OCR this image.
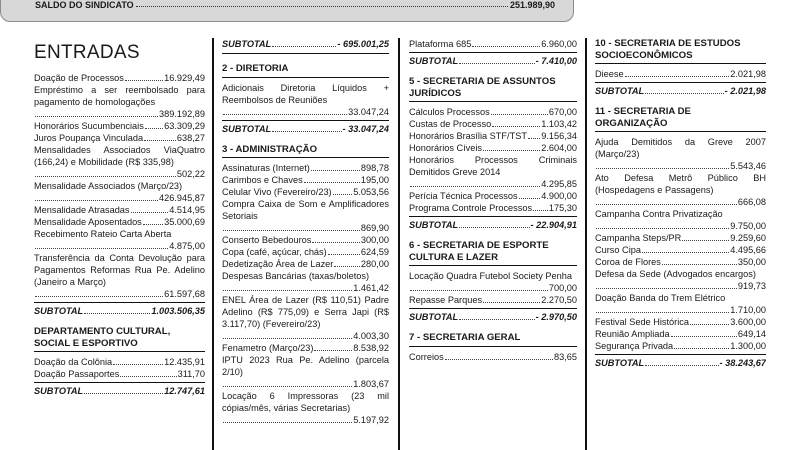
SALDO DO SINDICATO	251.989,90
ENTRADAS
Doação de Processos	16.929,49
Empréstimo a ser reembolsado para pagamento de homologações
389.192,89
Honorários Sucumbenciais 63.309,29
Juros Poupança Vinculada	638,27
Mensalidades Associados ViaQuatro (166,24) e Mobilidade (R$ 335,98)
502,22
Mensalidade Associados (Março/23)
426.945,87
Mensalidade Atrasadas	4.514,95
Mensalidade Aposentados 35.000,69
Recebimento Rateio Carta Aberta
4.875,00
Transferência da Conta Devolução para Pagamentos Reformas Rua Pe. Adelino (Janeiro a Março)
61.597,68
SUBTOTAL	1.003.506,35
DEPARTAMENTO CULTURAL, SOCIAL E ESPORTIVO
Doação da Colônia	12.435,91
Doação Passaportes	311,70
SUBTOTAL	12.747,61
SUBTOTAL	- 695.001,25
2 - DIRETORIA
Adicionais Diretoria Líquidos + Reembolsos de Reuniões
33.047,24
SUBTOTAL	- 33.047,24
3 - ADMINISTRAÇÃO
Assinaturas (Internet)	898,78
Carimbos e Chaves	195,00
Celular Vivo (Fevereiro/23) 5.053,56
Compra Caixa de Som e Amplificadores Setoriais
869,90
Conserto Bebedouros	300,00
Copa (café, açúcar, chás)	624,59
Dedetização Área de Lazer	280,00
Despesas Bancárias (taxas/boletos)
1.461,42
ENEL Área de Lazer (R$ 110,51) Padre Adelino (R$ 775,09) e Serra Japi (R$ 3.117,70) (Fevereiro/23)
4.003,30
Fenametro (Março/23)	8.538,92
IPTU 2023 Rua Pe. Adelino (parcela 2/10)
1.803,67
Locação 6 Impressoras (23 mil cópias/mês, várias Secretarias)
5.197,92
Plataforma 685	6.960,00
SUBTOTAL	- 7.410,00
5 - SECRETARIA DE ASSUNTOS JURÍDICOS
Cálculos Processos	670,00
Custas de Processo	1.103,42
Honorários Brasília STF/TST 9.156,34
Honorários Cíveis	2.604,00
Honorários Processos Criminais Demitidos Greve 2014
4.295,85
Perícia Técnica Processos	4.900,00
Programa Controle Processos 175,30
SUBTOTAL	- 22.904,91
6 - SECRETARIA DE ESPORTE CULTURA E LAZER
Locação Quadra Futebol Society Penha
700,00
Repasse Parques	2.270,50
SUBTOTAL	- 2.970,50
7 - SECRETARIA GERAL
Correios	83,65
10 - SECRETARIA DE ESTUDOS SOCIOECONÔMICOS
Dieese	2.021,98
SUBTOTAL	- 2.021,98
11 - SECRETARIA DE ORGANIZAÇÃO
Ajuda Demitidos da Greve 2007 (Março/23)
5.543,46
Ato Defesa Metrô Público BH (Hospedagens e Passagens)
666,08
Campanha Contra Privatização
9.750,00
Campanha Steps/PR	9.259,60
Curso Cipa	4.495,66
Coroa de Flores	350,00
Defesa da Sede (Advogados encargos)
919,73
Doação Banda do Trem Elétrico
1.710,00
Festival Sede Histórica	3.600,00
Reunião Ampliada	649,14
Segurança Privada	1.300,00
SUBTOTAL	- 38.243,67
